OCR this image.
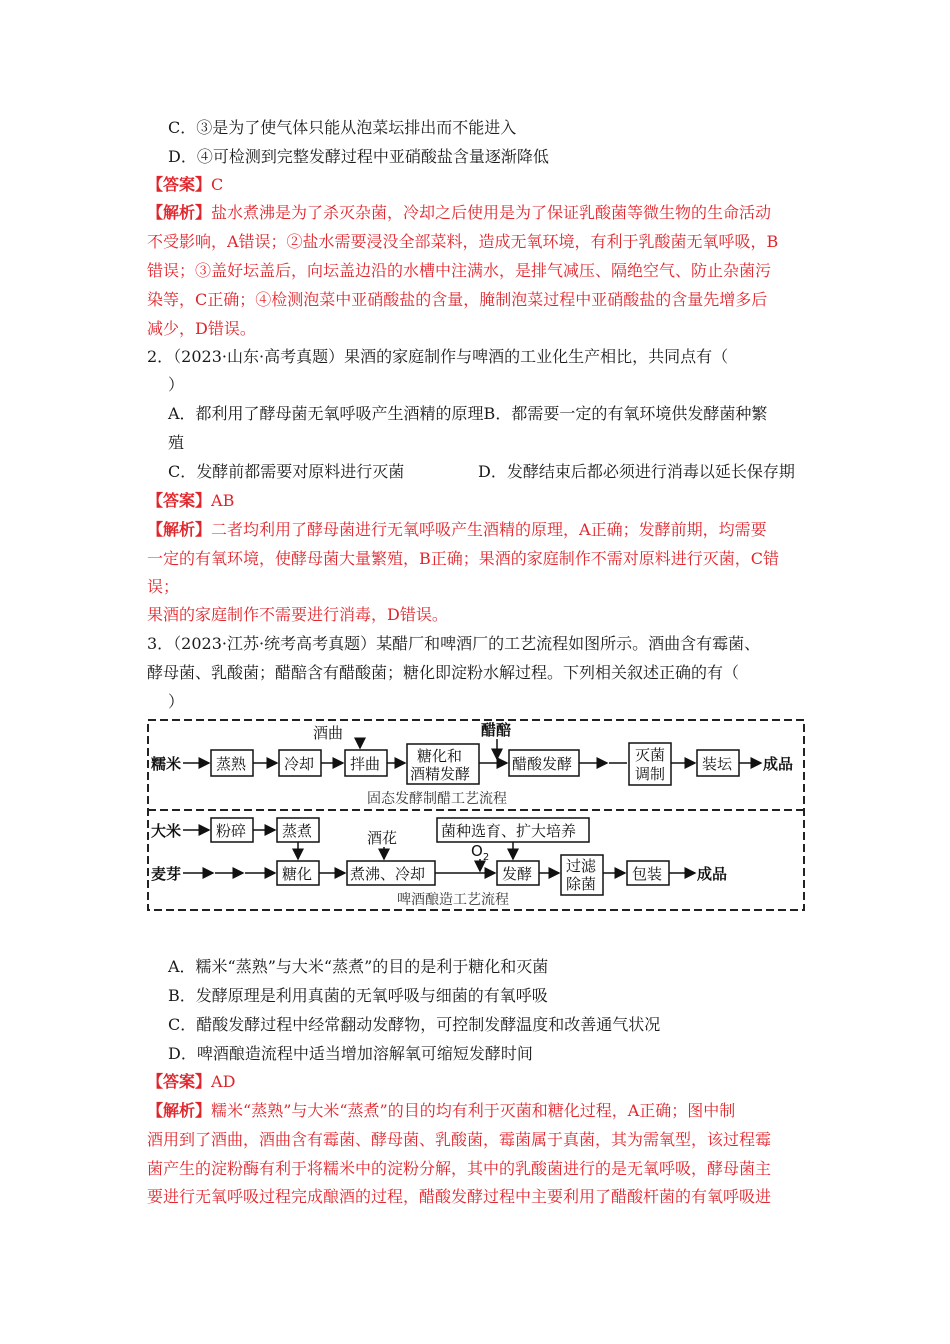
C．③是为了使气体只能从泡菜坛排出而不能进入
D．④可检测到完整发酵过程中亚硝酸盐含量逐渐降低
【答案】C
【解析】盐水煮沸是为了杀灭杂菌，冷却之后使用是为了保证乳酸菌等微生物的生命活动
不受影响，A错误；②盐水需要浸没全部菜料，造成无氧环境，有利于乳酸菌无氧呼吸，B
错误；③盖好坛盖后，向坛盖边沿的水槽中注满水，是排气减压、隔绝空气、防止杂菌污
染等，C正确；④检测泡菜中亚硝酸盐的含量，腌制泡菜过程中亚硝酸盐的含量先增多后
减少，D错误。
2．（2023·山东·高考真题）果酒的家庭制作与啤酒的工业化生产相比，共同点有（
）
A．都利用了酵母菌无氧呼吸产生酒精的原理B．都需要一定的有氧环境供发酵菌种繁
殖
C．发酵前都需要对原料进行灭菌	D．发酵结束后都必须进行消毒以延长保存期
【答案】AB
【解析】二者均利用了酵母菌进行无氧呼吸产生酒精的原理，A正确；发酵前期，均需要
一定的有氧环境，使酵母菌大量繁殖，B正确；果酒的家庭制作不需对原料进行灭菌，C错
误；
果酒的家庭制作不需要进行消毒，D错误。
3．（2023·江苏·统考高考真题）某醋厂和啤酒厂的工艺流程如图所示。酒曲含有霉菌、
酵母菌、乳酸菌；醋醅含有醋酸菌；糖化即淀粉水解过程。下列相关叙述正确的有（
）
糯米 蒸熟	冷却
酒曲
拌曲 糖化和
酒精发酵
醋醅
醋酸发酵	灭菌
调制
装坛 成品
固态发酵制醋工艺流程
大米 粉碎 蒸煮	菌种选育、扩大培养
麦芽	糖化
酒花
煮沸、冷却
$O_2$
发酵 过滤
除菌
包装 成品
啤酒酿造工艺流程
A．糯米“蒸熟”与大米“蒸煮”的目的是利于糖化和灭菌
B．发酵原理是利用真菌的无氧呼吸与细菌的有氧呼吸
C．醋酸发酵过程中经常翻动发酵物，可控制发酵温度和改善通气状况
D．啤酒酿造流程中适当增加溶解氧可缩短发酵时间
【答案】AD
【解析】糯米“蒸熟”与大米“蒸煮”的目的均有利于灭菌和糖化过程，A正确；图中制
酒用到了酒曲，酒曲含有霉菌、酵母菌、乳酸菌，霉菌属于真菌，其为需氧型，该过程霉
菌产生的淀粉酶有利于将糯米中的淀粉分解，其中的乳酸菌进行的是无氧呼吸，酵母菌主
要进行无氧呼吸过程完成酿酒的过程，醋酸发酵过程中主要利用了醋酸杆菌的有氧呼吸进
